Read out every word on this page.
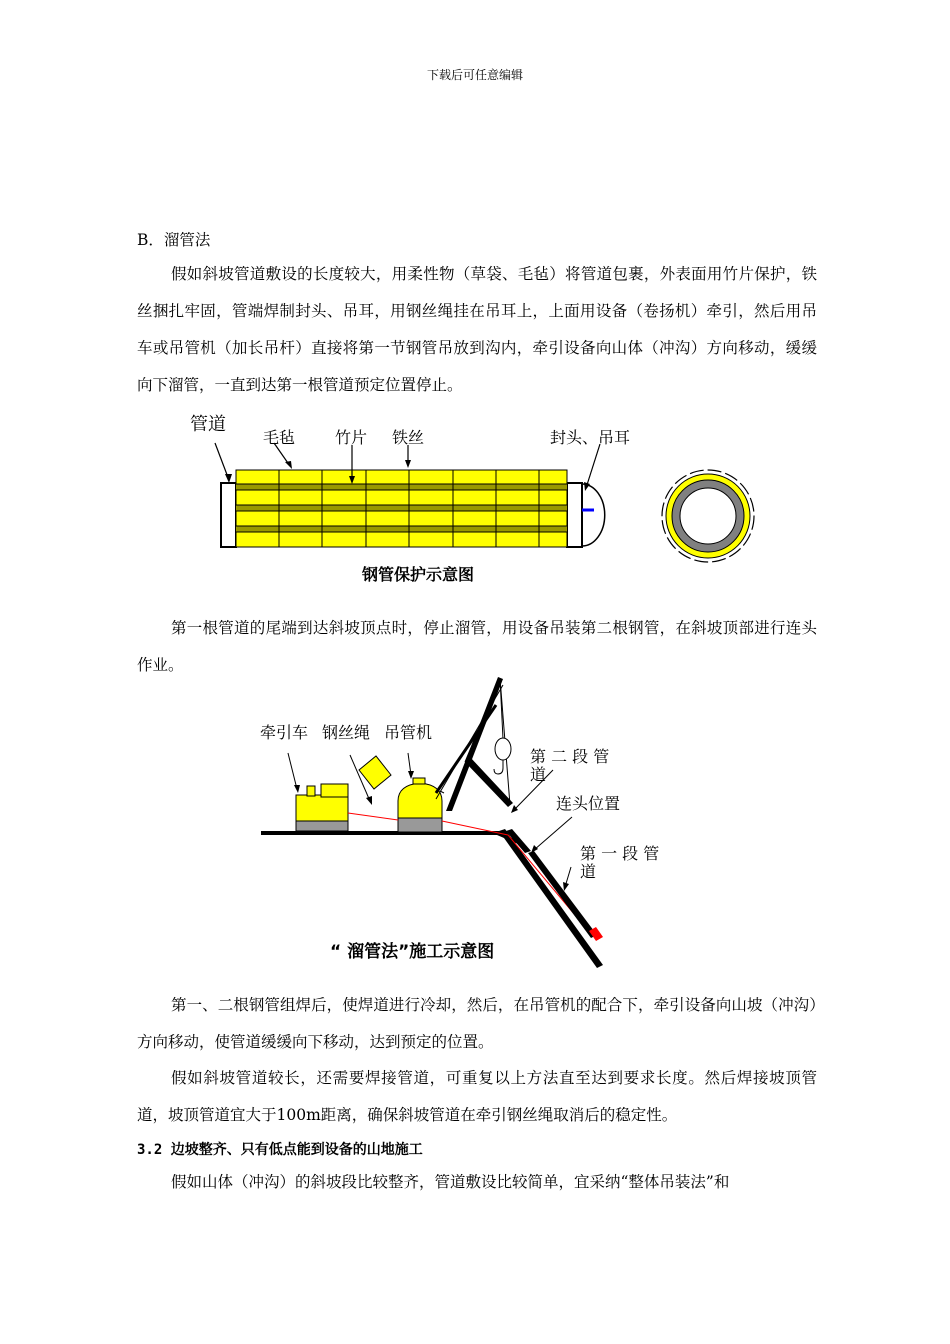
下载后可任意编辑
B．溜管法
假如斜坡管道敷设的长度较大，用柔性物（草袋、毛毡）将管道包裹，外表面用竹片保护，铁丝捆扎牢固，管端焊制封头、吊耳，用钢丝绳挂在吊耳上，上面用设备（卷扬机）牵引，然后用吊车或吊管机（加长吊杆）直接将第一节钢管吊放到沟内，牵引设备向山体（冲沟）方向移动，缓缓向下溜管，一直到达第一根管道预定位置停止。
管道
毛毡 竹片 铁丝	封头、吊耳
钢管保护示意图
第一根管道的尾端到达斜坡顶点时，停止溜管，用设备吊装第二根钢管，在斜坡顶部进行连头作业。
牵引车 钢丝绳 吊管机
第 二 段 管
道
连头位置
第 一 段 管
道
“ 溜管法”施工示意图
第一、二根钢管组焊后，使焊道进行冷却，然后，在吊管机的配合下，牵引设备向山坡（冲沟）方向移动，使管道缓缓向下移动，达到预定的位置。
假如斜坡管道较长，还需要焊接管道，可重复以上方法直至达到要求长度。然后焊接坡顶管道，坡顶管道宜大于100m距离，确保斜坡管道在牵引钢丝绳取消后的稳定性。
3.2 边坡整齐、只有低点能到设备的山地施工
假如山体（冲沟）的斜坡段比较整齐，管道敷设比较简单，宜采纳“整体吊装法”和
